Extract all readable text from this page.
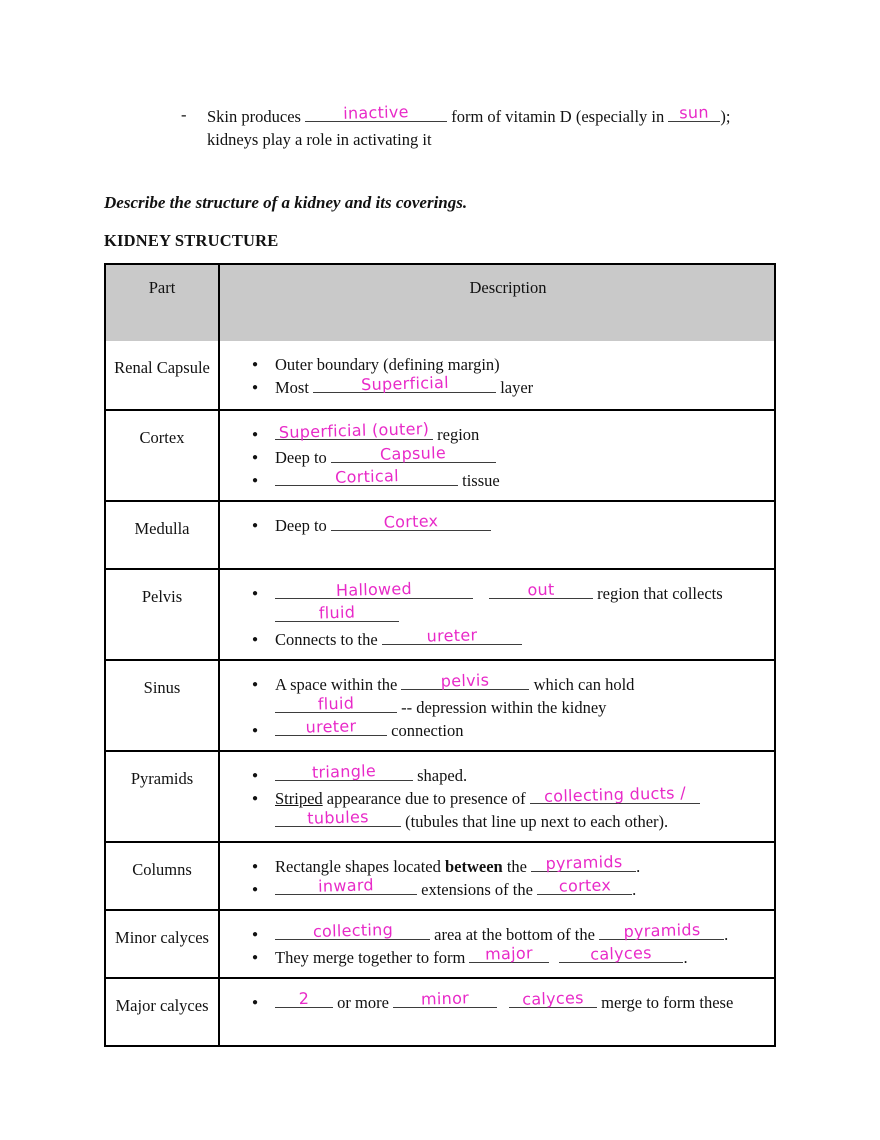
-	Skin produces inactive form of vitamin D (especially in sun );
kidneys play a role in activating it

Describe the structure of a kidney and its coverings.

KIDNEY STRUCTURE

Part	Description
Renal Capsule	● Outer boundary (defining margin)
● Most	Superficial	layer
Cortex	● Superficial (outer) region
● Deep to	Capsule
●	Cortical	tissue
Medulla	● Deep to	Cortex
Pelvis	●	Hallowed	out region that collects

fluid
● Connects to the	ureter
Sinus	● A space within the pelvis which can hold

fluid	-- depression within the kidney
●	ureter connection
Pyramids	●	triangle shaped.
● Striped appearance due to presence of collecting ducts /

tubules (tubules that line up next to each other).
Columns	● Rectangle shapes located between the pyramids .
●	inward	extensions of the cortex .
Minor calyces	●	collecting area at the bottom of the pyramids .
● They merge together to form major	calyces .
Major calyces	●	2 or more minor	calyces merge to form these
